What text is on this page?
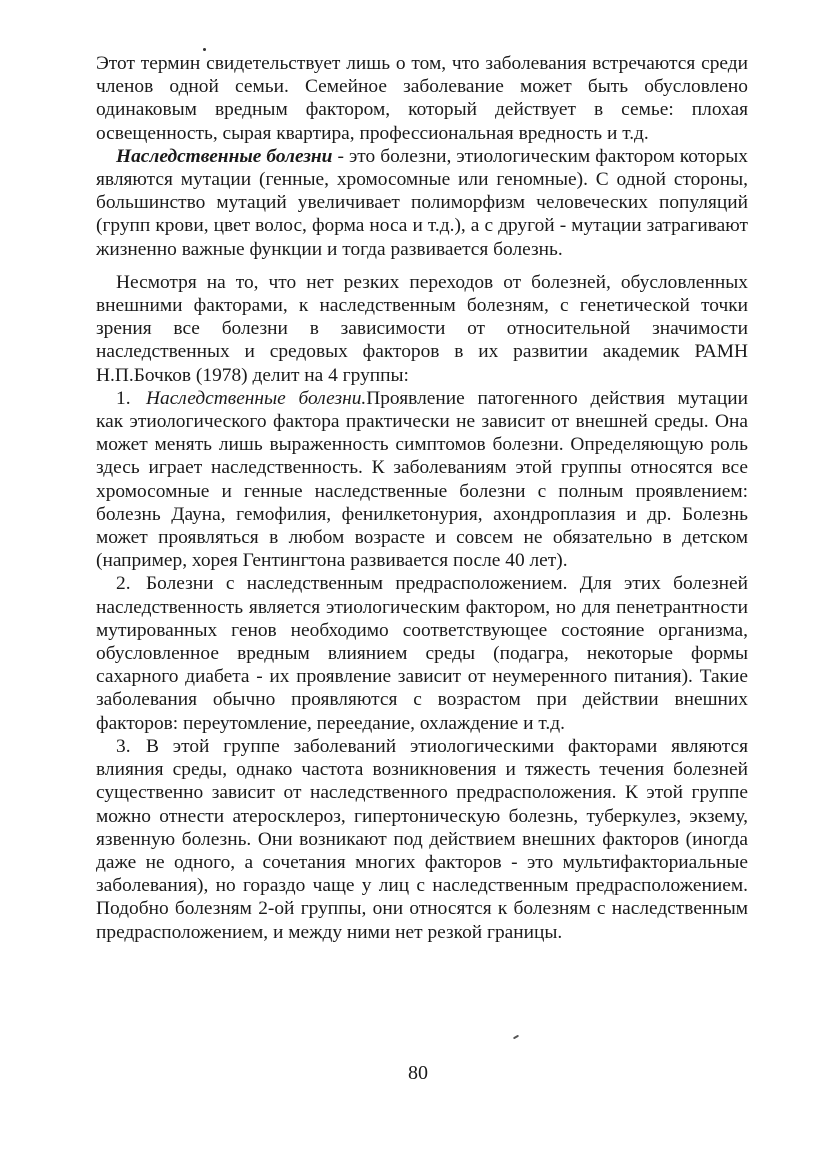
Этот термин свидетельствует лишь о том, что заболевания встречаются среди членов одной семьи. Семейное заболевание может быть обусловлено одинаковым вредным фактором, который действует в семье: плохая освещенность, сырая квартира, профессиональная вредность и т.д.

Наследственные болезни - это болезни, этиологическим фактором которых являются мутации (генные, хромосомные или геномные). С одной стороны, большинство мутаций увеличивает полиморфизм человеческих популяций (групп крови, цвет волос, форма носа и т.д.), а с другой - мутации затрагивают жизненно важные функции и тогда развивается болезнь.

Несмотря на то, что нет резких переходов от болезней, обусловленных внешними факторами, к наследственным болезням, с генетической точки зрения все болезни в зависимости от относительной значимости наследственных и средовых факторов в их развитии академик РАМН Н.П.Бочков (1978) делит на 4 группы:

1. Наследственные болезни.Проявление патогенного действия мутации как этиологического фактора практически не зависит от внешней среды. Она может менять лишь выраженность симптомов болезни. Определяющую роль здесь играет наследственность. К заболеваниям этой группы относятся все хромосомные и генные наследственные болезни с полным проявлением: болезнь Дауна, гемофилия, фенилкетонурия, ахондроплазия и др. Болезнь может проявляться в любом возрасте и совсем не обязательно в детском (например, хорея Гентингтона развивается после 40 лет).

2. Болезни с наследственным предрасположением. Для этих болезней наследственность является этиологическим фактором, но для пенетрантности мутированных генов необходимо соответствующее состояние организма, обусловленное вредным влиянием среды (подагра, некоторые формы сахарного диабета - их проявление зависит от неумеренного питания). Такие заболевания обычно проявляются с возрастом при действии внешних факторов: переутомление, переедание, охлаждение и т.д.

3. В этой группе заболеваний этиологическими факторами являются влияния среды, однако частота возникновения и тяжесть течения болезней существенно зависит от наследственного предрасположения. К этой группе можно отнести атеросклероз, гипертоническую болезнь, туберкулез, экзему, язвенную болезнь. Они возникают под действием внешних факторов (иногда даже не одного, а сочетания многих факторов - это мультифакториальные заболевания), но гораздо чаще у лиц с наследственным предрасположением. Подобно болезням 2-ой группы, они относятся к болезням с наследственным предрасположением, и между ними нет резкой границы.

80
